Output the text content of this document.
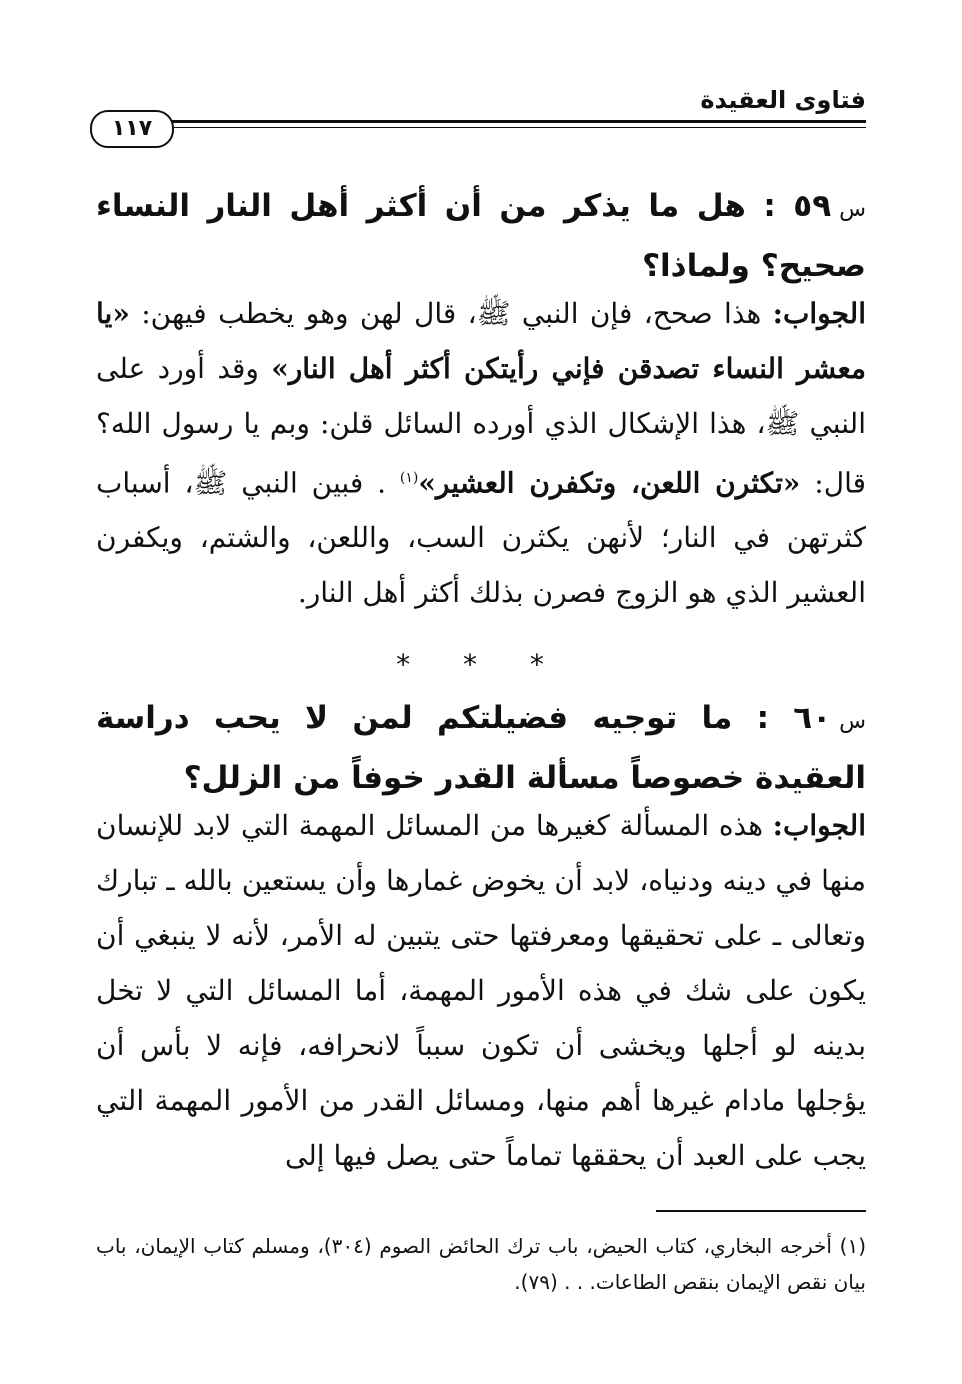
فتاوى العقيدة
١١٧
س٥٩ : هل ما يذكر من أن أكثر أهل النار النساء صحيح؟ ولماذا؟
الجواب: هذا صحح، فإن النبي ﷺ، قال لهن وهو يخطب فيهن: «يا معشر النساء تصدقن فإني رأيتكن أكثر أهل النار» وقد أورد على النبي ﷺ، هذا الإشكال الذي أورده السائل قلن: وبم يا رسول الله؟ قال: «تكثرن اللعن، وتكفرن العشير»$^{(١)}$ . فبين النبي ﷺ، أسباب كثرتهن في النار؛ لأنهن يكثرن السب، واللعن، والشتم، ويكفرن العشير الذي هو الزوج فصرن بذلك أكثر أهل النار.
* * *
س٦٠ : ما توجيه فضيلتكم لمن لا يحب دراسة العقيدة خصوصاً مسألة القدر خوفاً من الزلل؟
الجواب: هذه المسألة كغيرها من المسائل المهمة التي لابد للإنسان منها في دينه ودنياه، لابد أن يخوض غمارها وأن يستعين بالله ـ تبارك وتعالى ـ على تحقيقها ومعرفتها حتى يتبين له الأمر، لأنه لا ينبغي أن يكون على شك في هذه الأمور المهمة، أما المسائل التي لا تخل بدينه لو أجلها ويخشى أن تكون سبباً لانحرافه، فإنه لا بأس أن يؤجلها مادام غيرها أهم منها، ومسائل القدر من الأمور المهمة التي يجب على العبد أن يحققها تماماً حتى يصل فيها إلى
(١) أخرجه البخاري، كتاب الحيض، باب ترك الحائض الصوم (٣٠٤)، ومسلم كتاب الإيمان، باب بيان نقص الإيمان بنقص الطاعات. . . (٧٩).
